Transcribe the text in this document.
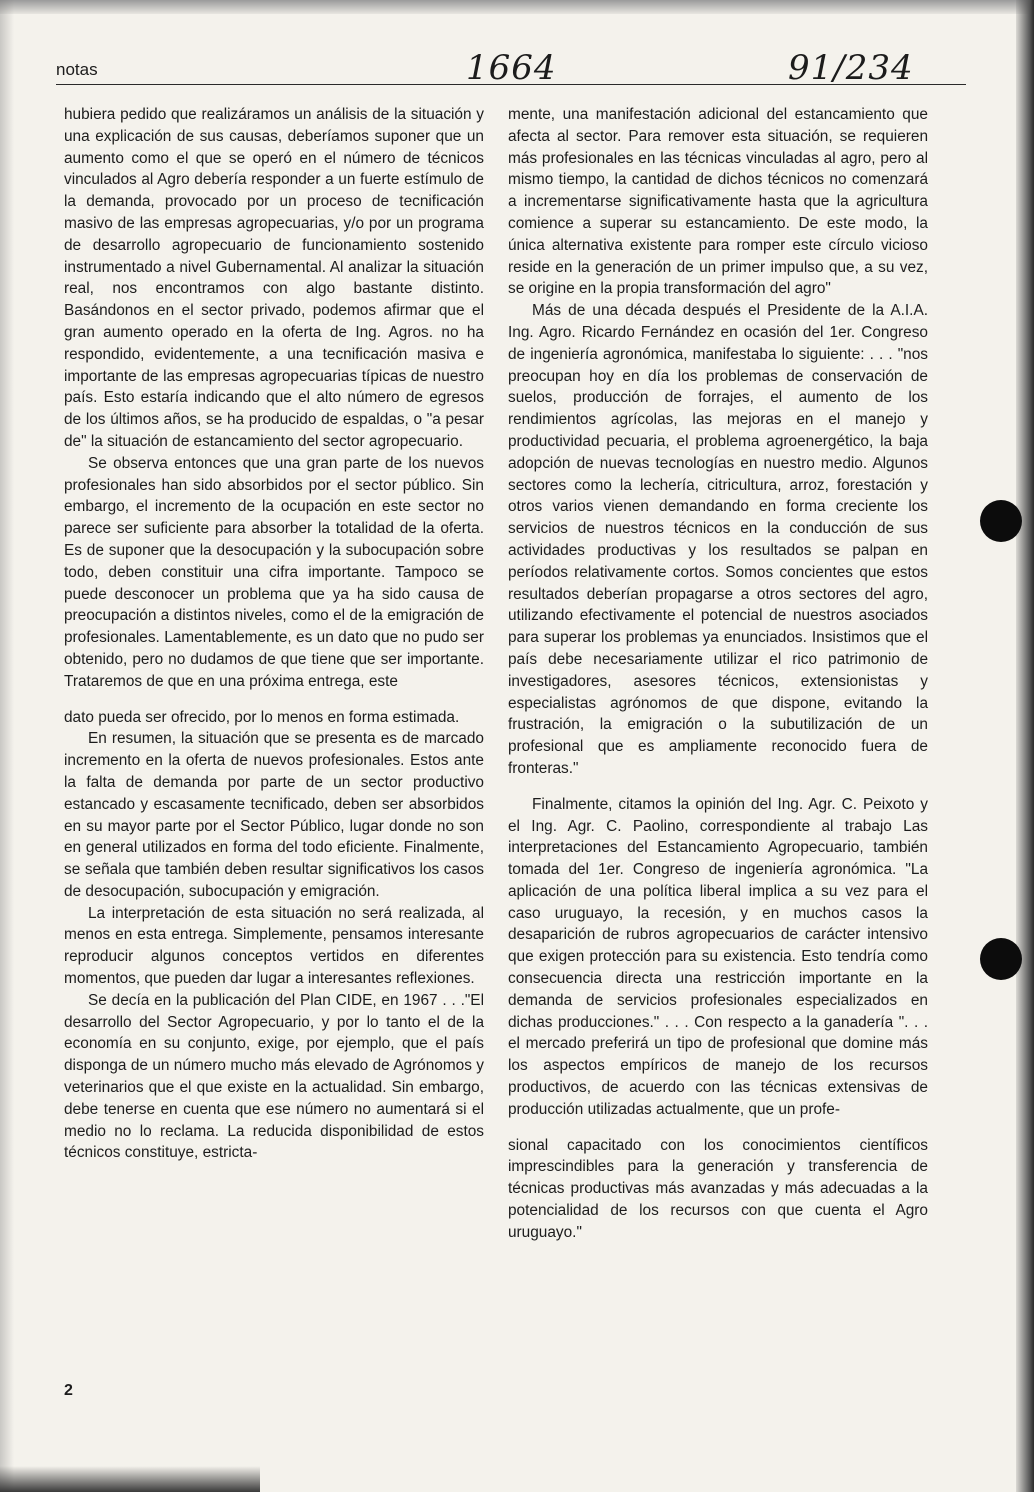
notas	1664	91/234

hubiera pedido que realizáramos un análisis de la situación y una explicación de sus causas, deberíamos suponer que un aumento como el que se operó en el número de técnicos vinculados al Agro debería responder a un fuerte estímulo de la demanda, provocado por un proceso de tecnificación masivo de las empresas agropecuarias, y/o por un programa de desarrollo agropecuario de funcionamiento sostenido instrumentado a nivel Gubernamental. Al analizar la situación real, nos encontramos con algo bastante distinto. Basándonos en el sector privado, podemos afirmar que el gran aumento operado en la oferta de Ing. Agros. no ha respondido, evidentemente, a una tecnificación masiva e importante de las empresas agropecuarias típicas de nuestro país. Esto estaría indicando que el alto número de egresos de los últimos años, se ha producido de espaldas, o "a pesar de" la situación de estancamiento del sector agropecuario.

Se observa entonces que una gran parte de los nuevos profesionales han sido absorbidos por el sector público. Sin embargo, el incremento de la ocupación en este sector no parece ser suficiente para absorber la totalidad de la oferta. Es de suponer que la desocupación y la subocupación sobre todo, deben constituir una cifra importante. Tampoco se puede desconocer un problema que ya ha sido causa de preocupación a distintos niveles, como el de la emigración de profesionales. Lamentablemente, es un dato que no pudo ser obtenido, pero no dudamos de que tiene que ser importante. Trataremos de que en una próxima entrega, este

dato pueda ser ofrecido, por lo menos en forma estimada.

En resumen, la situación que se presenta es de marcado incremento en la oferta de nuevos profesionales. Estos ante la falta de demanda por parte de un sector productivo estancado y escasamente tecnificado, deben ser absorbidos en su mayor parte por el Sector Público, lugar donde no son en general utilizados en forma del todo eficiente. Finalmente, se señala que también deben resultar significativos los casos de desocupación, subocupación y emigración.

La interpretación de esta situación no será realizada, al menos en esta entrega. Simplemente, pensamos interesante reproducir algunos conceptos vertidos en diferentes momentos, que pueden dar lugar a interesantes reflexiones.

Se decía en la publicación del Plan CIDE, en 1967 . . ."El desarrollo del Sector Agropecuario, y por lo tanto el de la economía en su conjunto, exige, por ejemplo, que el país disponga de un número mucho más elevado de Agrónomos y veterinarios que el que existe en la actualidad. Sin embargo, debe tenerse en cuenta que ese número no aumentará si el medio no lo reclama. La reducida disponibilidad de estos técnicos constituye, estricta-

mente, una manifestación adicional del estancamiento que afecta al sector. Para remover esta situación, se requieren más profesionales en las técnicas vinculadas al agro, pero al mismo tiempo, la cantidad de dichos técnicos no comenzará a incrementarse significativamente hasta que la agricultura comience a superar su estancamiento. De este modo, la única alternativa existente para romper este círculo vicioso reside en la generación de un primer impulso que, a su vez, se origine en la propia transformación del agro"

Más de una década después el Presidente de la A.I.A. Ing. Agro. Ricardo Fernández en ocasión del 1er. Congreso de ingeniería agronómica, manifestaba lo siguiente: . . . "nos preocupan hoy en día los problemas de conservación de suelos, producción de forrajes, el aumento de los rendimientos agrícolas, las mejoras en el manejo y productividad pecuaria, el problema agroenergético, la baja adopción de nuevas tecnologías en nuestro medio. Algunos sectores como la lechería, citricultura, arroz, forestación y otros varios vienen demandando en forma creciente los servicios de nuestros técnicos en la conducción de sus actividades productivas y los resultados se palpan en períodos relativamente cortos. Somos concientes que estos resultados deberían propagarse a otros sectores del agro, utilizando efectivamente el potencial de nuestros asociados para superar los problemas ya enunciados. Insistimos que el país debe necesariamente utilizar el rico patrimonio de investigadores, asesores técnicos, extensionistas y especialistas agrónomos de que dispone, evitando la frustración, la emigración o la subutilización de un profesional que es ampliamente reconocido fuera de fronteras."

Finalmente, citamos la opinión del Ing. Agr. C. Peixoto y el Ing. Agr. C. Paolino, correspondiente al trabajo Las interpretaciones del Estancamiento Agropecuario, también tomada del 1er. Congreso de ingeniería agronómica. "La aplicación de una política liberal implica a su vez para el caso uruguayo, la recesión, y en muchos casos la desaparición de rubros agropecuarios de carácter intensivo que exigen protección para su existencia. Esto tendría como consecuencia directa una restricción importante en la demanda de servicios profesionales especializados en dichas producciones." . . . Con respecto a la ganadería ". . . el mercado preferirá un tipo de profesional que domine más los aspectos empíricos de manejo de los recursos productivos, de acuerdo con las técnicas extensivas de producción utilizadas actualmente, que un profe-

sional capacitado con los conocimientos científicos imprescindibles para la generación y transferencia de técnicas productivas más avanzadas y más adecuadas a la potencialidad de los recursos con que cuenta el Agro uruguayo."

2
